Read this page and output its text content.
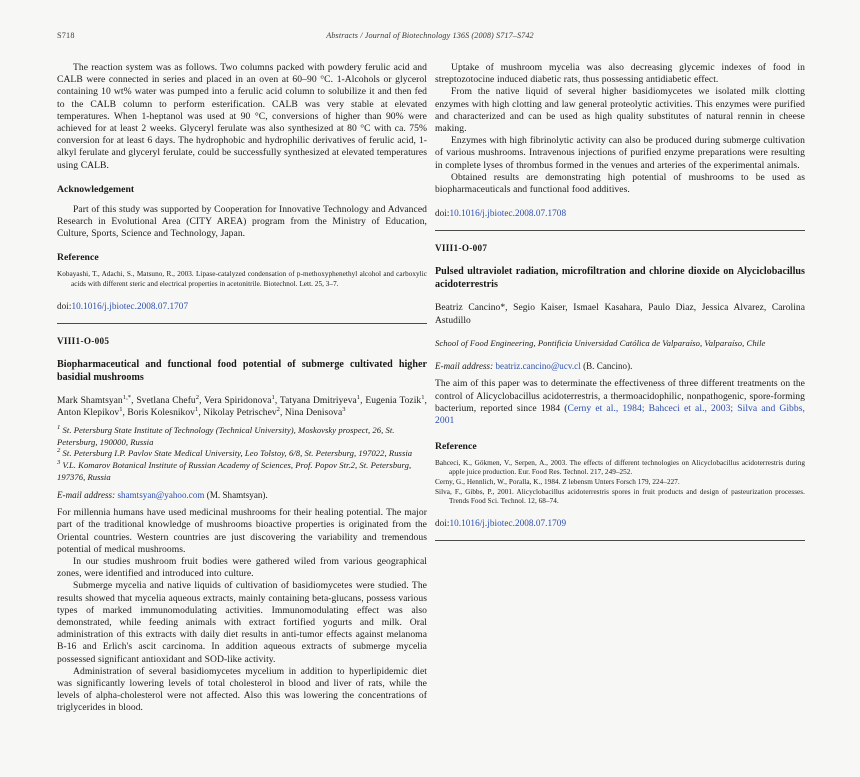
S718	Abstracts / Journal of Biotechnology 136S (2008) S717–S742

The reaction system was as follows. Two columns packed with powdery ferulic acid and CALB were connected in series and placed in an oven at 60–90 °C. 1-Alcohols or glycerol containing 10 wt% water was pumped into a ferulic acid column to solubilize it and then fed to the CALB column to perform esterification. CALB was very stable at elevated temperatures. When 1-heptanol was used at 90 °C, conversions of higher than 90% were achieved for at least 2 weeks. Glyceryl ferulate was also synthesized at 80 °C with ca. 75% conversion for at least 6 days. The hydrophobic and hydrophilic derivatives of ferulic acid, 1-alkyl ferulate and glyceryl ferulate, could be successfully synthesized at elevated temperatures using CALB.

Acknowledgement

Part of this study was supported by Cooperation for Innovative Technology and Advanced Research in Evolutional Area (CITY AREA) program from the Ministry of Education, Culture, Sports, Science and Technology, Japan.

Reference
Kobayashi, T., Adachi, S., Matsuno, R., 2003. Lipase-catalyzed condensation of p-methoxyphenethyl alcohol and carboxylic acids with different steric and electrical properties in acetonitrile. Biotechnol. Lett. 25, 3–7.
doi:10.1016/j.jbiotec.2008.07.1707
VIII1-O-005
Biopharmaceutical and functional food potential of submerge cultivated higher basidial mushrooms
Mark Shamtsyan$^{1,*}$, Svetlana Chefu$^2$, Vera Spiridonova$^1$, Tatyana Dmitriyeva$^1$, Eugenia Tozik$^1$, Anton Klepikov$^1$, Boris Kolesnikov$^1$, Nikolay Petrischev$^2$, Nina Denisova$^3$
$^1$ St. Petersburg State Institute of Technology (Technical University), Moskovsky prospect, 26, St. Petersburg, 190000, Russia
$^2$ St. Petersburg I.P. Pavlov State Medical University, Leo Tolstoy, 6/8, St. Petersburg, 197022, Russia
$^3$ V.L. Komarov Botanical Institute of Russian Academy of Sciences, Prof. Popov Str.2, St. Petersburg, 197376, Russia
E-mail address: shamtsyan@yahoo.com (M. Shamtsyan).

For millennia humans have used medicinal mushrooms for their healing potential. The major part of the traditional knowledge of mushrooms bioactive properties is originated from the Oriental countries. Western countries are just discovering the variability and tremendous potential of medical mushrooms.

In our studies mushroom fruit bodies were gathered wiled from various geographical zones, were identified and introduced into culture.

Submerge mycelia and native liquids of cultivation of basidiomycetes were studied. The results showed that mycelia aqueous extracts, mainly containing beta-glucans, possess various types of marked immunomodulating activities. Immunomodulating effect was also demonstrated, while feeding animals with extract fortified yogurts and milk. Oral administration of this extracts with daily diet results in anti-tumor effects against melanoma B-16 and Erlich's ascit carcinoma. In addition aqueous extracts of submerge mycelia possessed significant antioxidant and SOD-like activity.

Administration of several basidiomycetes mycelium in addition to hyperlipidemic diet was significantly lowering levels of total cholesterol in blood and liver of rats, while the levels of alpha-cholesterol were not affected. Also this was lowering the concentrations of triglycerides in blood.

Uptake of mushroom mycelia was also decreasing glycemic indexes of food in streptozotocine induced diabetic rats, thus possessing antidiabetic effect.

From the native liquid of several higher basidiomycetes we isolated milk clotting enzymes with high clotting and law general proteolytic activities. This enzymes were purified and characterized and can be used as high quality substitutes of natural rennin in cheese making.

Enzymes with high fibrinolytic activity can also be produced during submerge cultivation of various mushrooms. Intravenous injections of purified enzyme preparations were resulting in complete lyses of thrombus formed in the venues and arteries of the experimental animals.

Obtained results are demonstrating high potential of mushrooms to be used as biopharmaceuticals and functional food additives.

doi:10.1016/j.jbiotec.2008.07.1708
VIII1-O-007
Pulsed ultraviolet radiation, microfiltration and chlorine dioxide on Alyciclobacillus acidoterrestris
Beatriz Cancino*, Segio Kaiser, Ismael Kasahara, Paulo Diaz, Jessica Alvarez, Carolina Astudillo
School of Food Engineering, Pontificia Universidad Católica de Valparaíso, Valparaíso, Chile
E-mail address: beatriz.cancino@ucv.cl (B. Cancino).

The aim of this paper was to determinate the effectiveness of three different treatments on the control of Alicyclobacillus acidoterrestris, a thermoacidophilic, nonpathogenic, spore-forming bacterium, reported since 1984 (Cerny et al., 1984; Bahceci et al., 2003; Silva and Gibbs, 2001

Reference
Bahceci, K., Gökmen, V., Serpen, A., 2003. The effects of different technologies on Alicyclobacillus acidoterrestris during apple juice production. Eur. Food Res. Technol. 217, 249–252.
Cerny, G., Hennlich, W., Poralla, K., 1984. Z lebensm Unters Forsch 179, 224–227.
Silva, F., Gibbs, P., 2001. Alicyclobacillus acidoterrestris spores in fruit products and design of pasteurization processes. Trends Food Sci. Technol. 12, 68–74.
doi:10.1016/j.jbiotec.2008.07.1709
